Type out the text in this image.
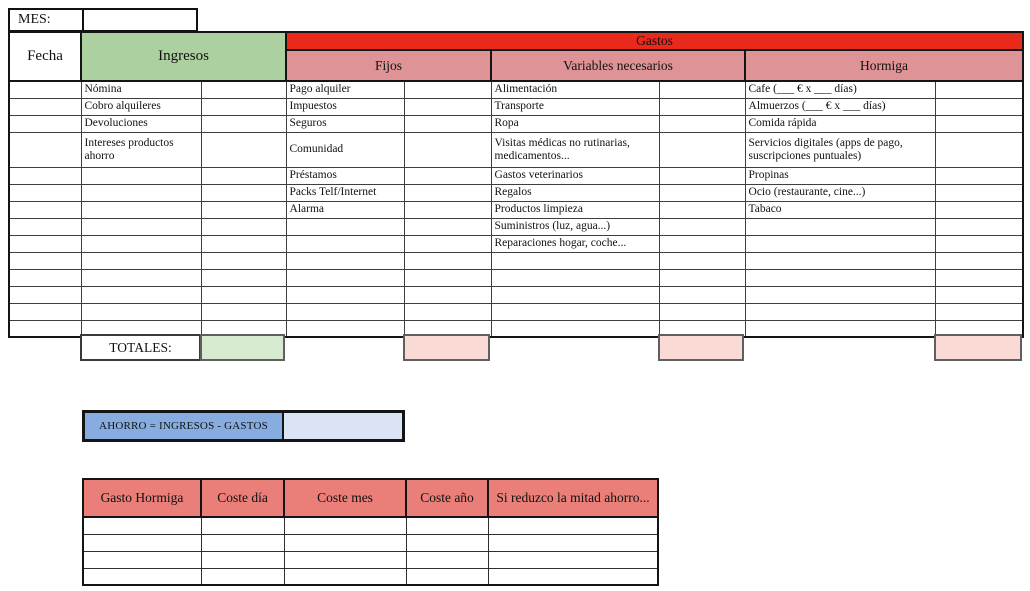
MES:
Fecha	Ingresos		Gastos					
			Fijos		Variables necesarios		Hormiga	
	Nómina		Pago alquiler		Alimentación		Cafe (___ € x ___ días)	
	Cobro alquileres		Impuestos		Transporte		Almuerzos (___ € x ___ días)	
	Devoluciones		Seguros		Ropa		Comida rápida	
	Intereses productos ahorro		Comunidad		Visitas médicas no rutinarias, medicamentos...		Servicios digitales (apps de pago, suscripciones puntuales)	
			Préstamos		Gastos veterinarios		Propinas	
			Packs Telf/Internet		Regalos		Ocio (restaurante, cine...)	
			Alarma		Productos limpieza		Tabaco	
					Suministros (luz, agua...)			
					Reparaciones hogar, coche...			

TOTALES:
AHORRO = INGRESOS - GASTOS
Gasto Hormiga	Coste día	Coste mes	Coste año	Si reduzco la mitad ahorro...
